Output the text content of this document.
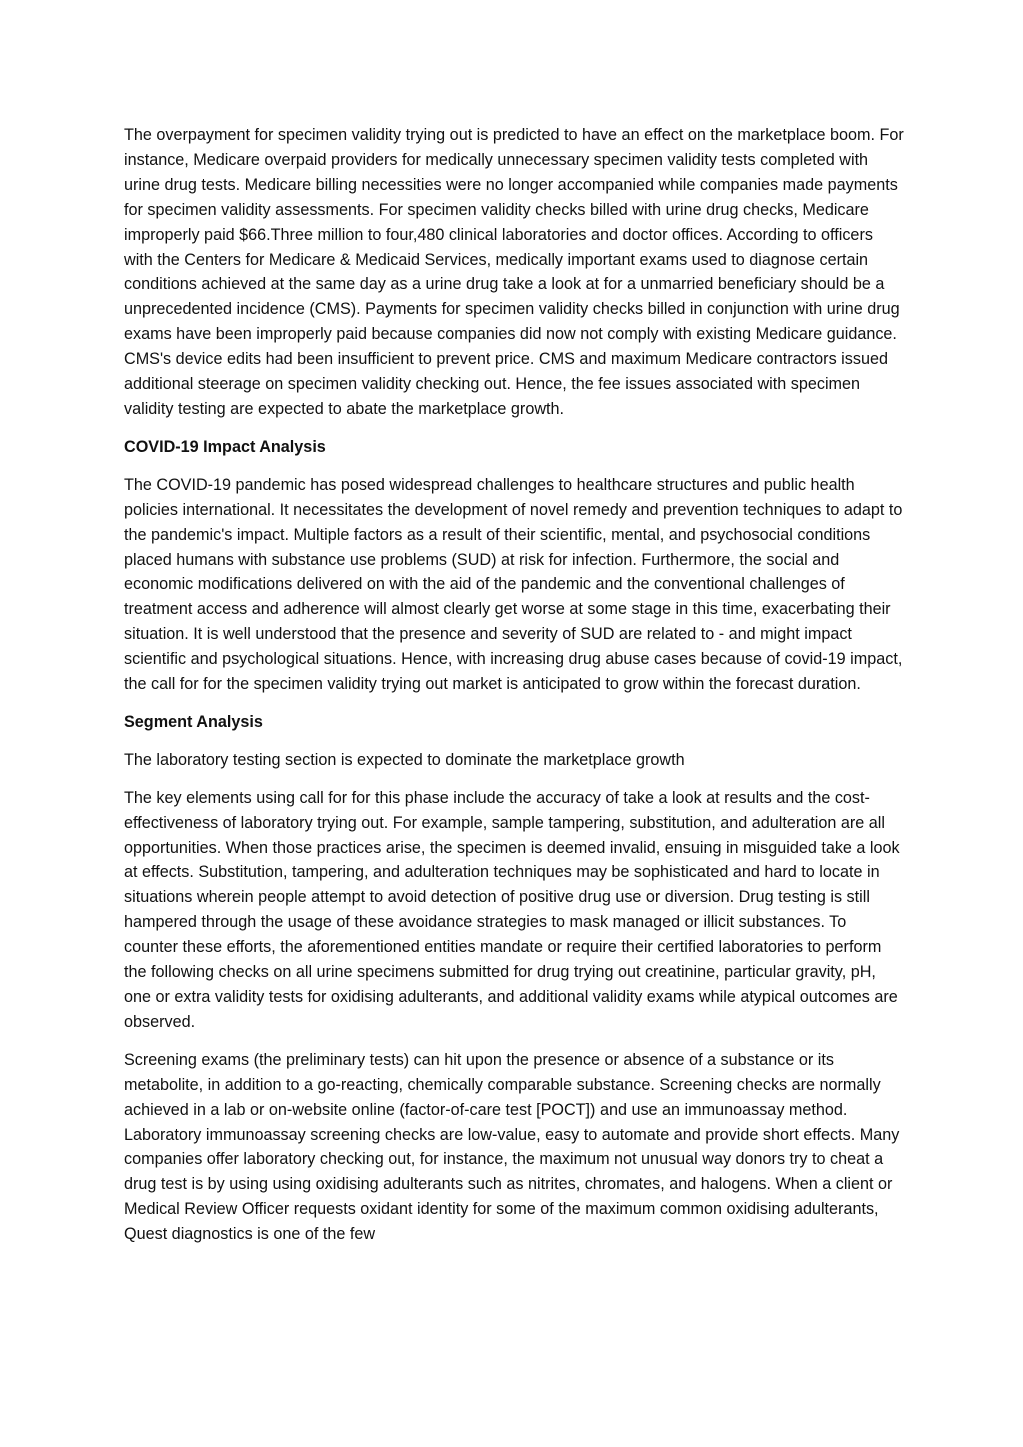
The overpayment for specimen validity trying out is predicted to have an effect on the marketplace boom. For instance, Medicare overpaid providers for medically unnecessary specimen validity tests completed with urine drug tests. Medicare billing necessities were no longer accompanied while companies made payments for specimen validity assessments. For specimen validity checks billed with urine drug checks, Medicare improperly paid $66.Three million to four,480 clinical laboratories and doctor offices. According to officers with the Centers for Medicare & Medicaid Services, medically important exams used to diagnose certain conditions achieved at the same day as a urine drug take a look at for a unmarried beneficiary should be a unprecedented incidence (CMS). Payments for specimen validity checks billed in conjunction with urine drug exams have been improperly paid because companies did now not comply with existing Medicare guidance. CMS's device edits had been insufficient to prevent price. CMS and maximum Medicare contractors issued additional steerage on specimen validity checking out. Hence, the fee issues associated with specimen validity testing are expected to abate the marketplace growth.

COVID-19 Impact Analysis

The COVID-19 pandemic has posed widespread challenges to healthcare structures and public health policies international. It necessitates the development of novel remedy and prevention techniques to adapt to the pandemic's impact. Multiple factors as a result of their scientific, mental, and psychosocial conditions placed humans with substance use problems (SUD) at risk for infection. Furthermore, the social and economic modifications delivered on with the aid of the pandemic and the conventional challenges of treatment access and adherence will almost clearly get worse at some stage in this time, exacerbating their situation. It is well understood that the presence and severity of SUD are related to - and might impact scientific and psychological situations. Hence, with increasing drug abuse cases because of covid-19 impact, the call for for the specimen validity trying out market is anticipated to grow within the forecast duration.

Segment Analysis

The laboratory testing section is expected to dominate the marketplace growth

The key elements using call for for this phase include the accuracy of take a look at results and the cost-effectiveness of laboratory trying out. For example, sample tampering, substitution, and adulteration are all opportunities. When those practices arise, the specimen is deemed invalid, ensuing in misguided take a look at effects. Substitution, tampering, and adulteration techniques may be sophisticated and hard to locate in situations wherein people attempt to avoid detection of positive drug use or diversion. Drug testing is still hampered through the usage of these avoidance strategies to mask managed or illicit substances. To counter these efforts, the aforementioned entities mandate or require their certified laboratories to perform the following checks on all urine specimens submitted for drug trying out creatinine, particular gravity, pH, one or extra validity tests for oxidising adulterants, and additional validity exams while atypical outcomes are observed.

Screening exams (the preliminary tests) can hit upon the presence or absence of a substance or its metabolite, in addition to a go-reacting, chemically comparable substance. Screening checks are normally achieved in a lab or on-website online (factor-of-care test [POCT]) and use an immunoassay method. Laboratory immunoassay screening checks are low-value, easy to automate and provide short effects. Many companies offer laboratory checking out, for instance, the maximum not unusual way donors try to cheat a drug test is by using using oxidising adulterants such as nitrites, chromates, and halogens. When a client or Medical Review Officer requests oxidant identity for some of the maximum common oxidising adulterants, Quest diagnostics is one of the few
